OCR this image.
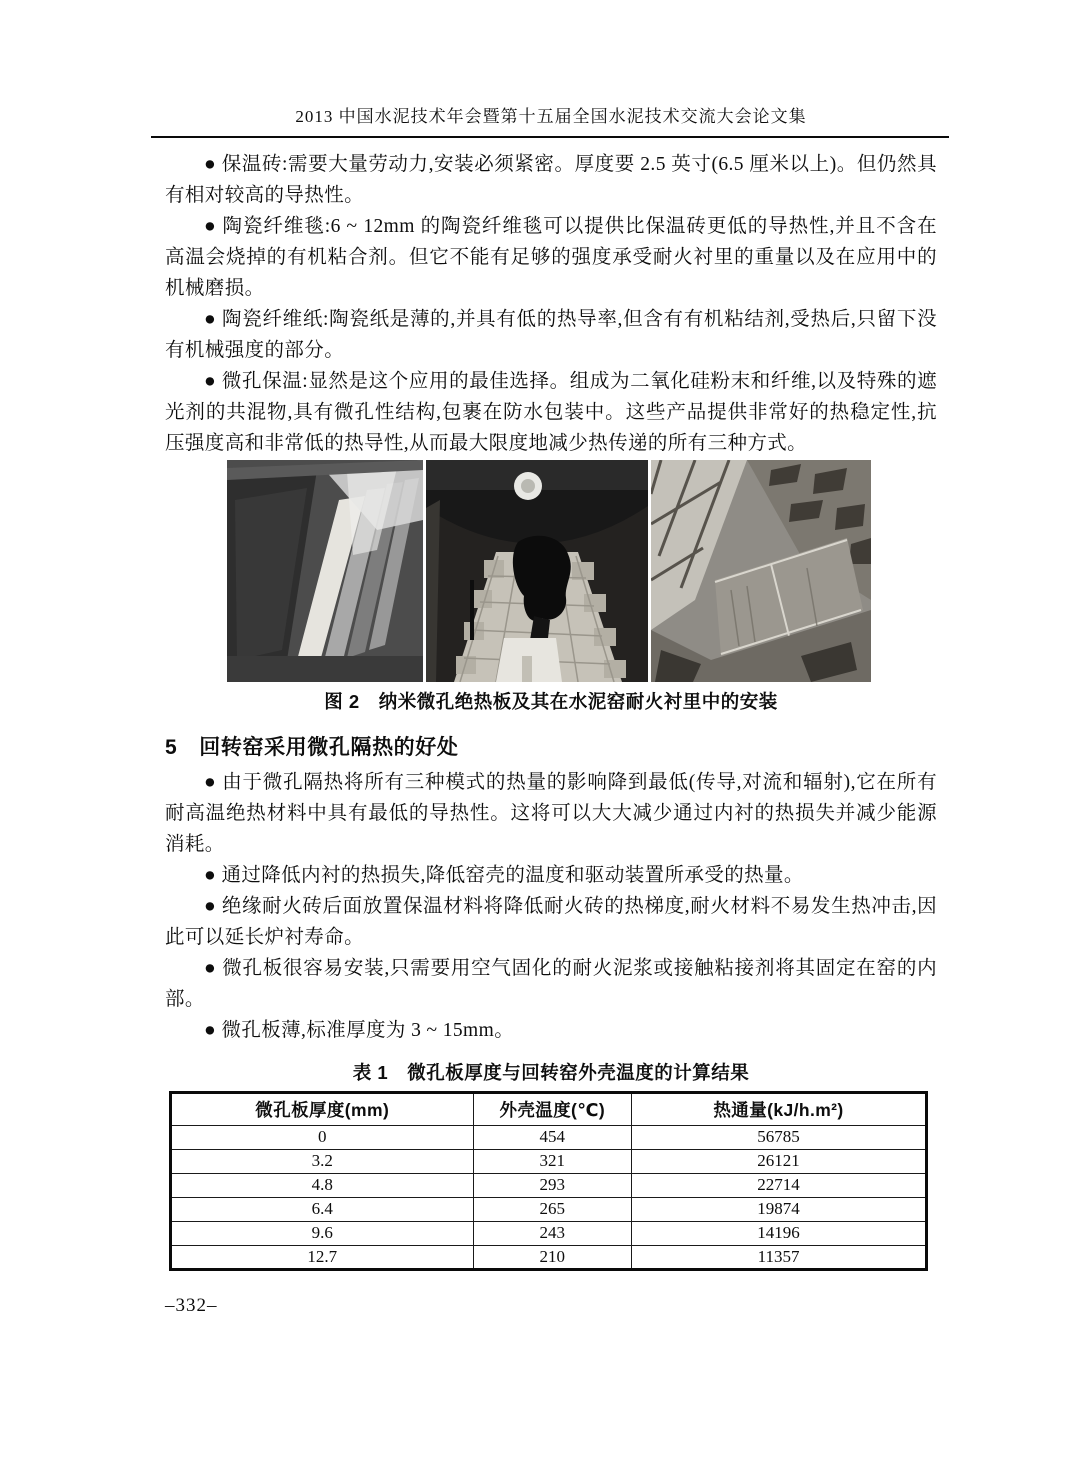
2013 中国水泥技术年会暨第十五届全国水泥技术交流大会论文集

● 保温砖:需要大量劳动力,安装必须紧密。厚度要 2.5 英寸(6.5 厘米以上)。但仍然具有相对较高的导热性。

● 陶瓷纤维毯:6 ~ 12mm 的陶瓷纤维毯可以提供比保温砖更低的导热性,并且不含在高温会烧掉的有机粘合剂。但它不能有足够的强度承受耐火衬里的重量以及在应用中的机械磨损。

● 陶瓷纤维纸:陶瓷纸是薄的,并具有低的热导率,但含有有机粘结剂,受热后,只留下没有机械强度的部分。

● 微孔保温:显然是这个应用的最佳选择。组成为二氧化硅粉末和纤维,以及特殊的遮光剂的共混物,具有微孔性结构,包裹在防水包装中。这些产品提供非常好的热稳定性,抗压强度高和非常低的热导性,从而最大限度地减少热传递的所有三种方式。

图 2　纳米微孔绝热板及其在水泥窑耐火衬里中的安装
5 回转窑采用微孔隔热的好处

● 由于微孔隔热将所有三种模式的热量的影响降到最低(传导,对流和辐射),它在所有耐高温绝热材料中具有最低的导热性。这将可以大大减少通过内衬的热损失并减少能源消耗。

● 通过降低内衬的热损失,降低窑壳的温度和驱动装置所承受的热量。

● 绝缘耐火砖后面放置保温材料将降低耐火砖的热梯度,耐火材料不易发生热冲击,因此可以延长炉衬寿命。

● 微孔板很容易安装,只需要用空气固化的耐火泥浆或接触粘接剂将其固定在窑的内部。

● 微孔板薄,标准厚度为 3 ~ 15mm。

表 1　微孔板厚度与回转窑外壳温度的计算结果
微孔板厚度(mm)	外壳温度(℃)	热通量(kJ/h.m²)
0	454	56785
3.2	321	26121
4.8	293	22714
6.4	265	19874
9.6	243	14196
12.7	210	11357
–332–
